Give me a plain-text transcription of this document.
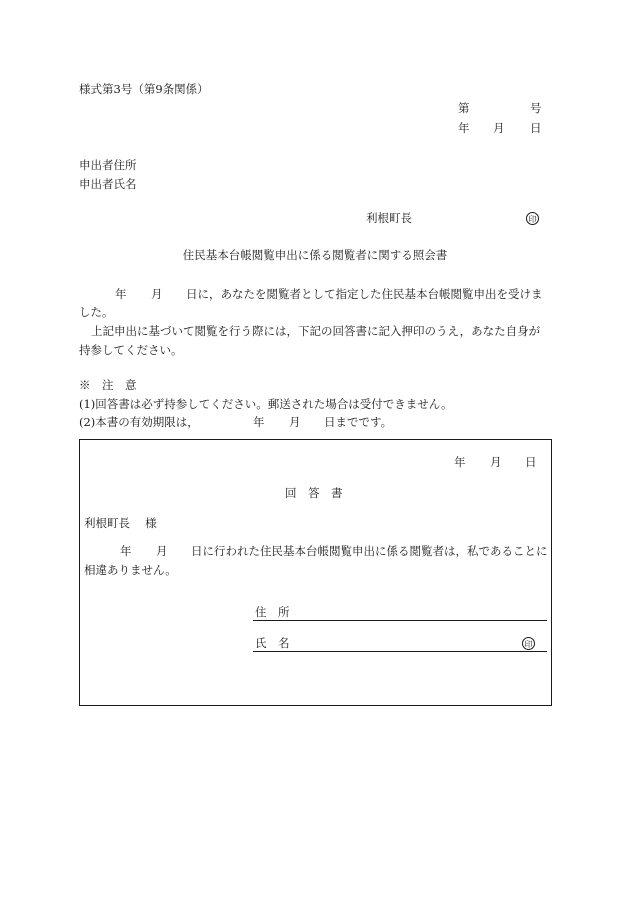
様式第3号（第9条関係）
第	号
年 月 日
申出者住所
申出者氏名
利根町長	印
住民基本台帳閲覧申出に係る閲覧者に関する照会書
年 月 日に，あなたを閲覧者として指定した住民基本台帳閲覧申出を受けま
した。
上記申出に基づいて閲覧を行う際には，下記の回答書に記入押印のうえ，あなた自身が
持参してください。
※　注　意
(1)回答書は必ず持参してください。郵送された場合は受付できません。
(2)本書の有効期限は，	年 月 日までです。
年 月 日
回　答　書
利根町長　 様
年 月 日に行われた住民基本台帳閲覧申出に係る閲覧者は，私であることに
相違ありません。
住　所
氏　名	印
